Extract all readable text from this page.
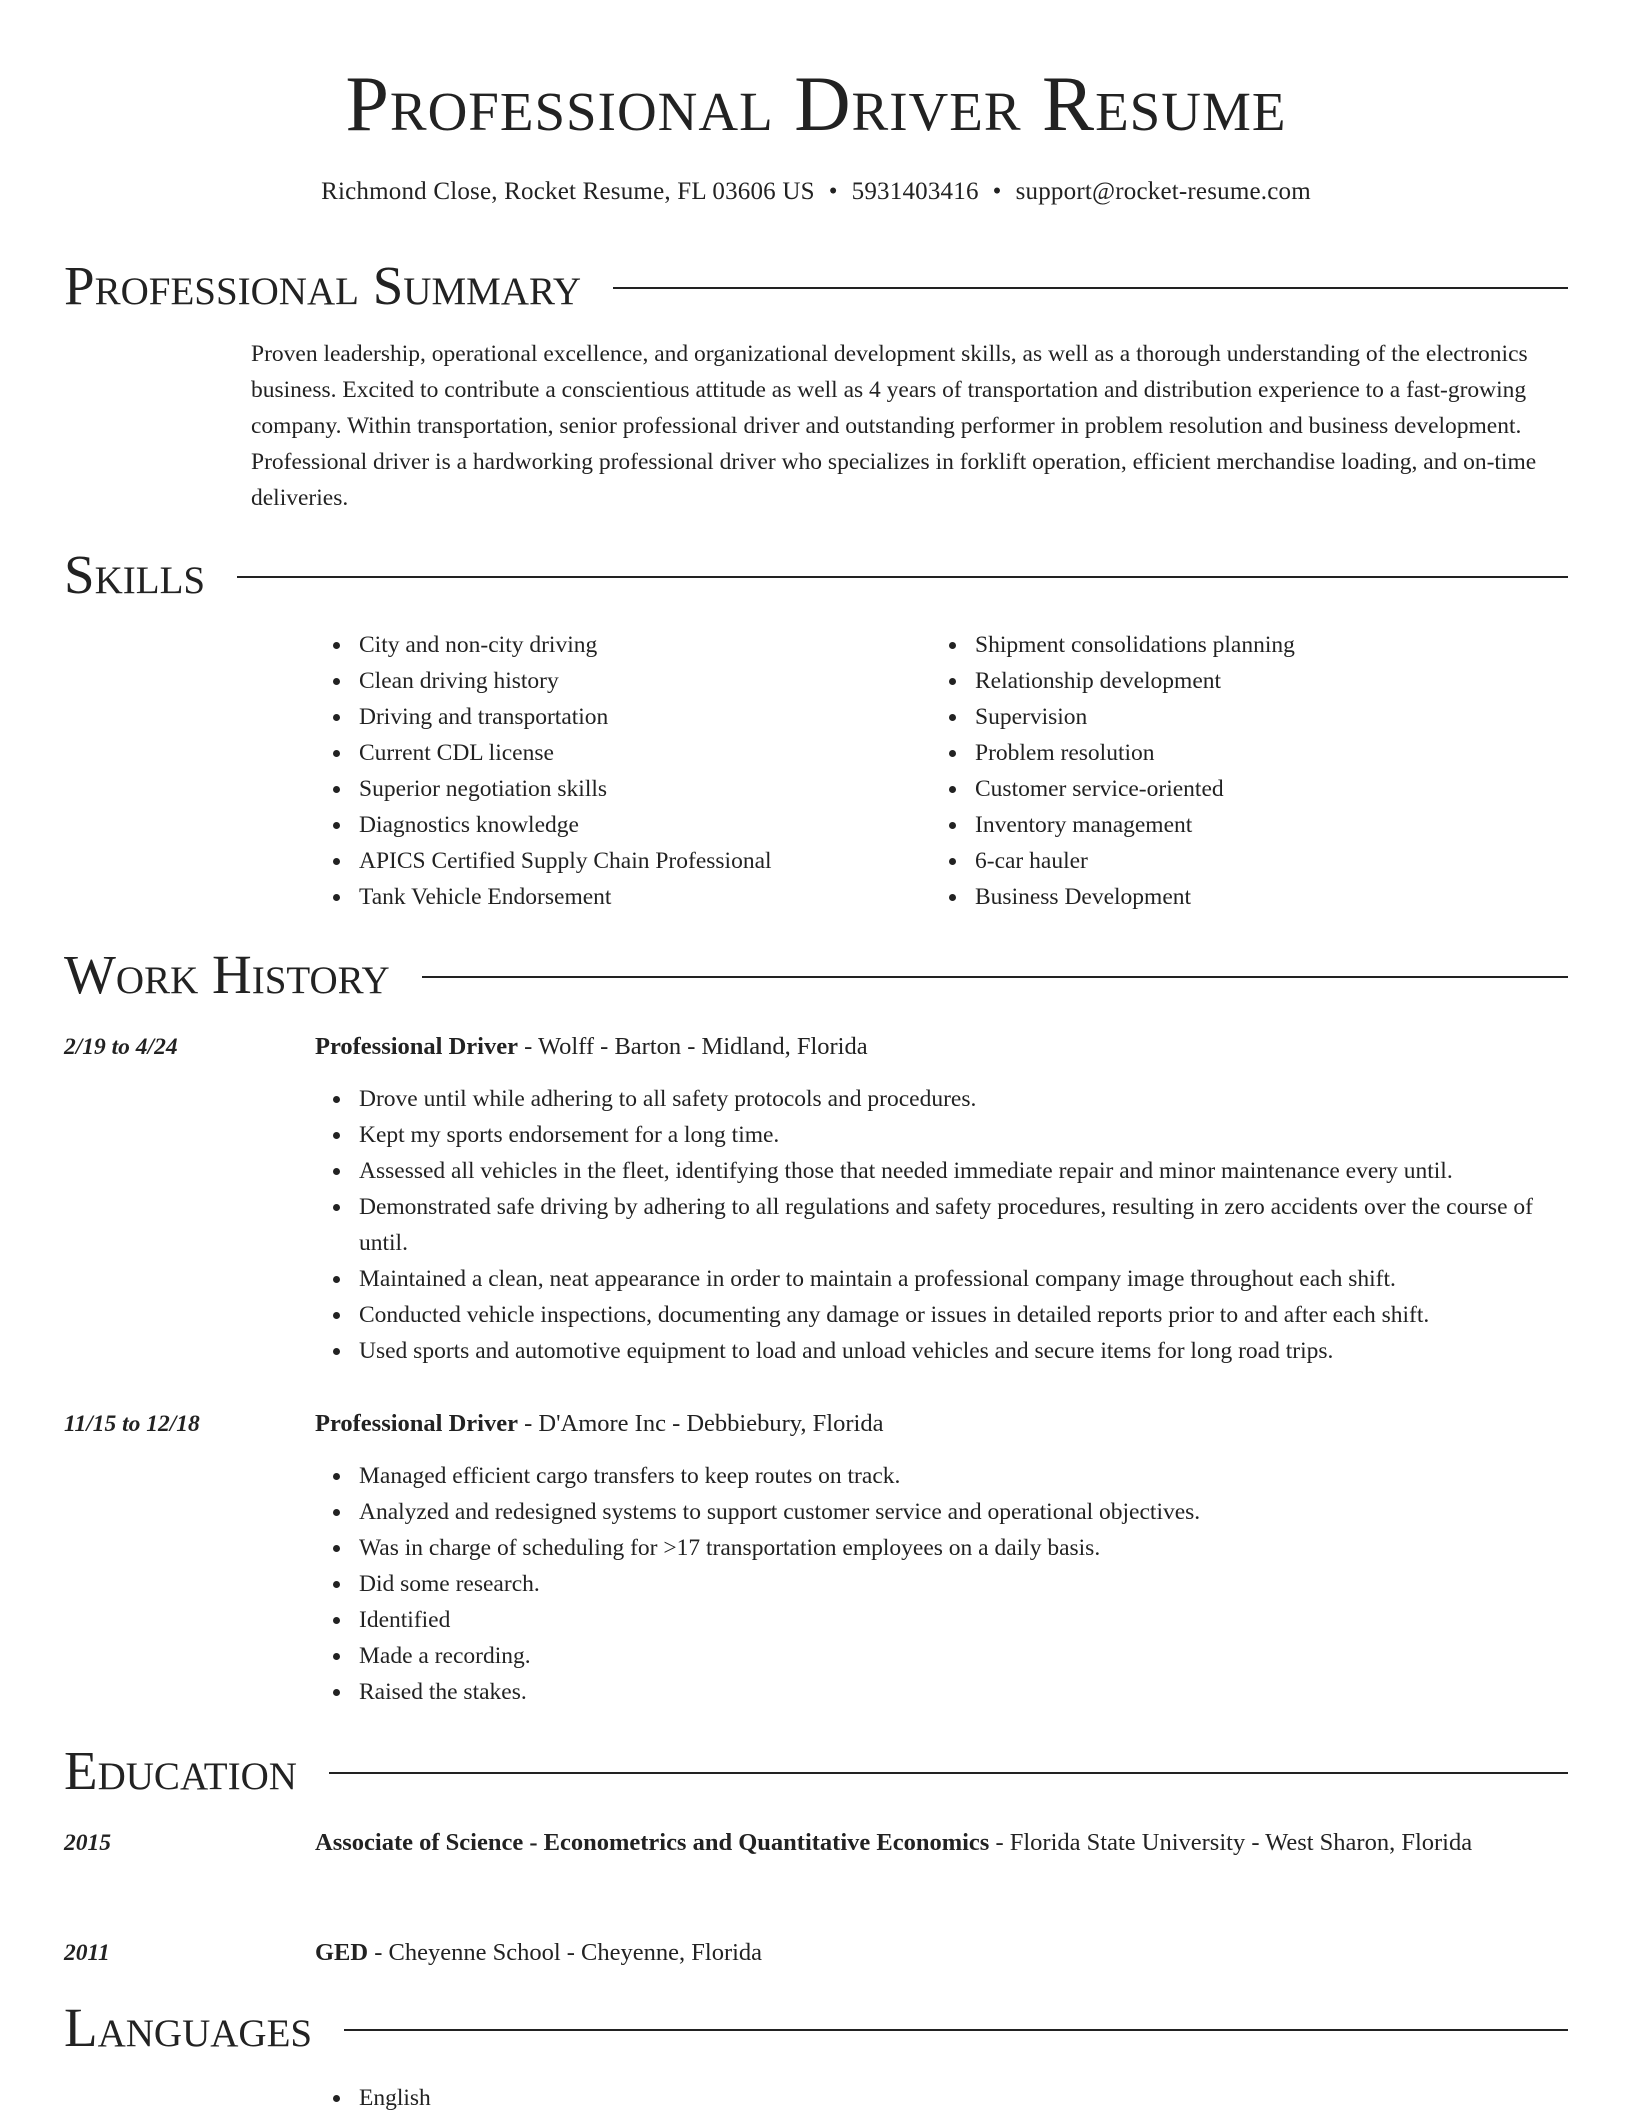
Professional Driver Resume
Richmond Close, Rocket Resume, FL 03606 US • 5931403416 • support@rocket-resume.com
Professional Summary

Proven leadership, operational excellence, and organizational development skills, as well as a thorough understanding of the electronics business. Excited to contribute a conscientious attitude as well as 4 years of transportation and distribution experience to a fast-growing company. Within transportation, senior professional driver and outstanding performer in problem resolution and business development. Professional driver is a hardworking professional driver who specializes in forklift operation, efficient merchandise loading, and on-time deliveries.

Skills
City and non-city driving
Clean driving history
Driving and transportation
Current CDL license
Superior negotiation skills
Diagnostics knowledge
APICS Certified Supply Chain Professional
Tank Vehicle Endorsement
Shipment consolidations planning
Relationship development
Supervision
Problem resolution
Customer service-oriented
Inventory management
6-car hauler
Business Development
Work History
2/19 to 4/24	Professional Driver - Wolff - Barton - Midland, Florida
Drove until while adhering to all safety protocols and procedures.
Kept my sports endorsement for a long time.
Assessed all vehicles in the fleet, identifying those that needed immediate repair and minor maintenance every until.
Demonstrated safe driving by adhering to all regulations and safety procedures, resulting in zero accidents over the course of until.
Maintained a clean, neat appearance in order to maintain a professional company image throughout each shift.
Conducted vehicle inspections, documenting any damage or issues in detailed reports prior to and after each shift.
Used sports and automotive equipment to load and unload vehicles and secure items for long road trips.
11/15 to 12/18	Professional Driver - D'Amore Inc - Debbiebury, Florida
Managed efficient cargo transfers to keep routes on track.
Analyzed and redesigned systems to support customer service and operational objectives.
Was in charge of scheduling for >17 transportation employees on a daily basis.
Did some research.
Identified
Made a recording.
Raised the stakes.
Education
2015	Associate of Science - Econometrics and Quantitative Economics - Florida State University - West Sharon, Florida
2011	GED - Cheyenne School - Cheyenne, Florida
Languages
English
